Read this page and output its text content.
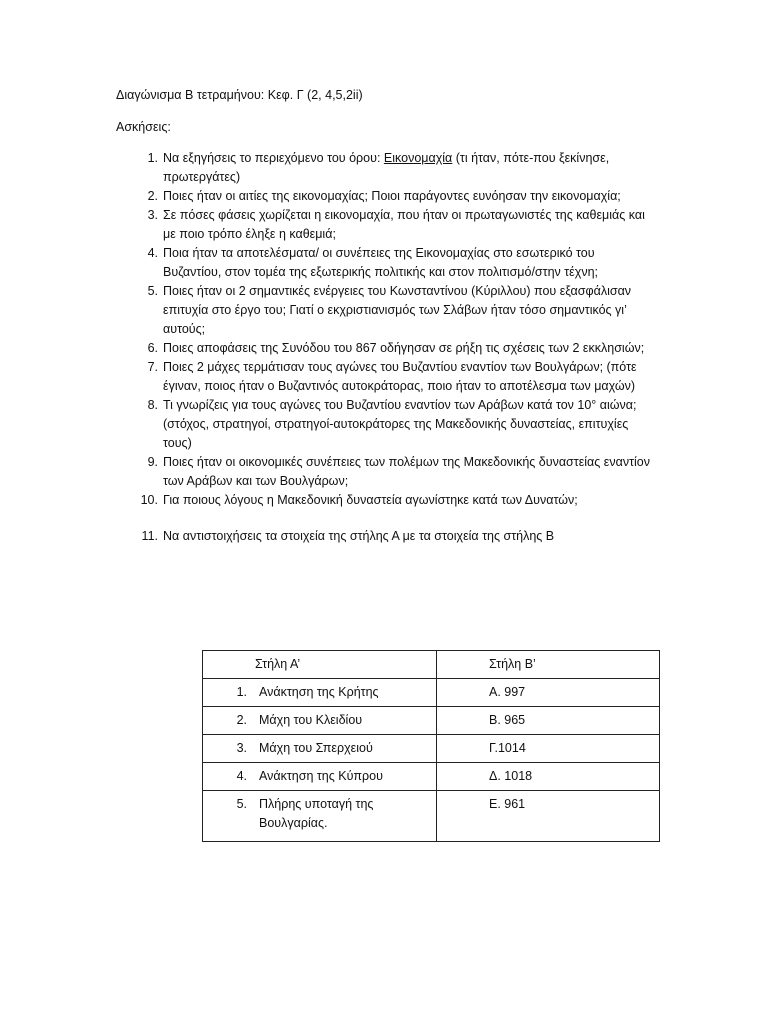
Διαγώνισμα Β τετραμήνου: Κεφ. Γ (2, 4,5,2ii)
Ασκήσεις:
1. Να εξηγήσεις το περιεχόμενο του όρου: Εικονομαχία (τι ήταν, πότε-που ξεκίνησε, πρωτεργάτες)
2. Ποιες ήταν οι αιτίες της εικονομαχίας; Ποιοι παράγοντες ευνόησαν την εικονομαχία;
3. Σε πόσες φάσεις χωρίζεται η εικονομαχία, που ήταν οι πρωταγωνιστές της καθεμιάς και με ποιο τρόπο έληξε η καθεμιά;
4. Ποια ήταν τα αποτελέσματα/ οι συνέπειες της Εικονομαχίας στο εσωτερικό του Βυζαντίου, στον τομέα της εξωτερικής πολιτικής και στον πολιτισμό/στην τέχνη;
5. Ποιες ήταν οι 2 σημαντικές ενέργειες του Κωνσταντίνου (Κύριλλου) που εξασφάλισαν επιτυχία στο έργο του; Γιατί ο εκχριστιανισμός των Σλάβων ήταν τόσο σημαντικός γι’ αυτούς;
6. Ποιες αποφάσεις της Συνόδου του 867 οδήγησαν σε ρήξη τις σχέσεις των 2 εκκλησιών;
7. Ποιες 2 μάχες τερμάτισαν τους αγώνες του Βυζαντίου εναντίον των Βουλγάρων; (πότε έγιναν, ποιος ήταν ο Βυζαντινός αυτοκράτορας, ποιο ήταν το αποτέλεσμα των μαχών)
8. Τι γνωρίζεις για τους αγώνες του Βυζαντίου εναντίον των Αράβων κατά τον 10° αιώνα; (στόχος, στρατηγοί, στρατηγοί-αυτοκράτορες της Μακεδονικής δυναστείας, επιτυχίες τους)
9. Ποιες ήταν οι οικονομικές συνέπειες των πολέμων της Μακεδονικής δυναστείας εναντίον των Αράβων και των Βουλγάρων;
10. Για ποιους λόγους η Μακεδονική δυναστεία αγωνίστηκε κατά των Δυνατών;
11. Να αντιστοιχήσεις τα στοιχεία της στήλης Α με τα στοιχεία της στήλης Β
Στήλη Α’	Στήλη Β’
1. Ανάκτηση της Κρήτης	Α. 997
2. Μάχη του Κλειδίου	Β. 965
3. Μάχη του Σπερχειού	Γ.1014
4. Ανάκτηση της Κύπρου	Δ. 1018
5. Πλήρης υποταγή της Βουλγαρίας.	Ε. 961
